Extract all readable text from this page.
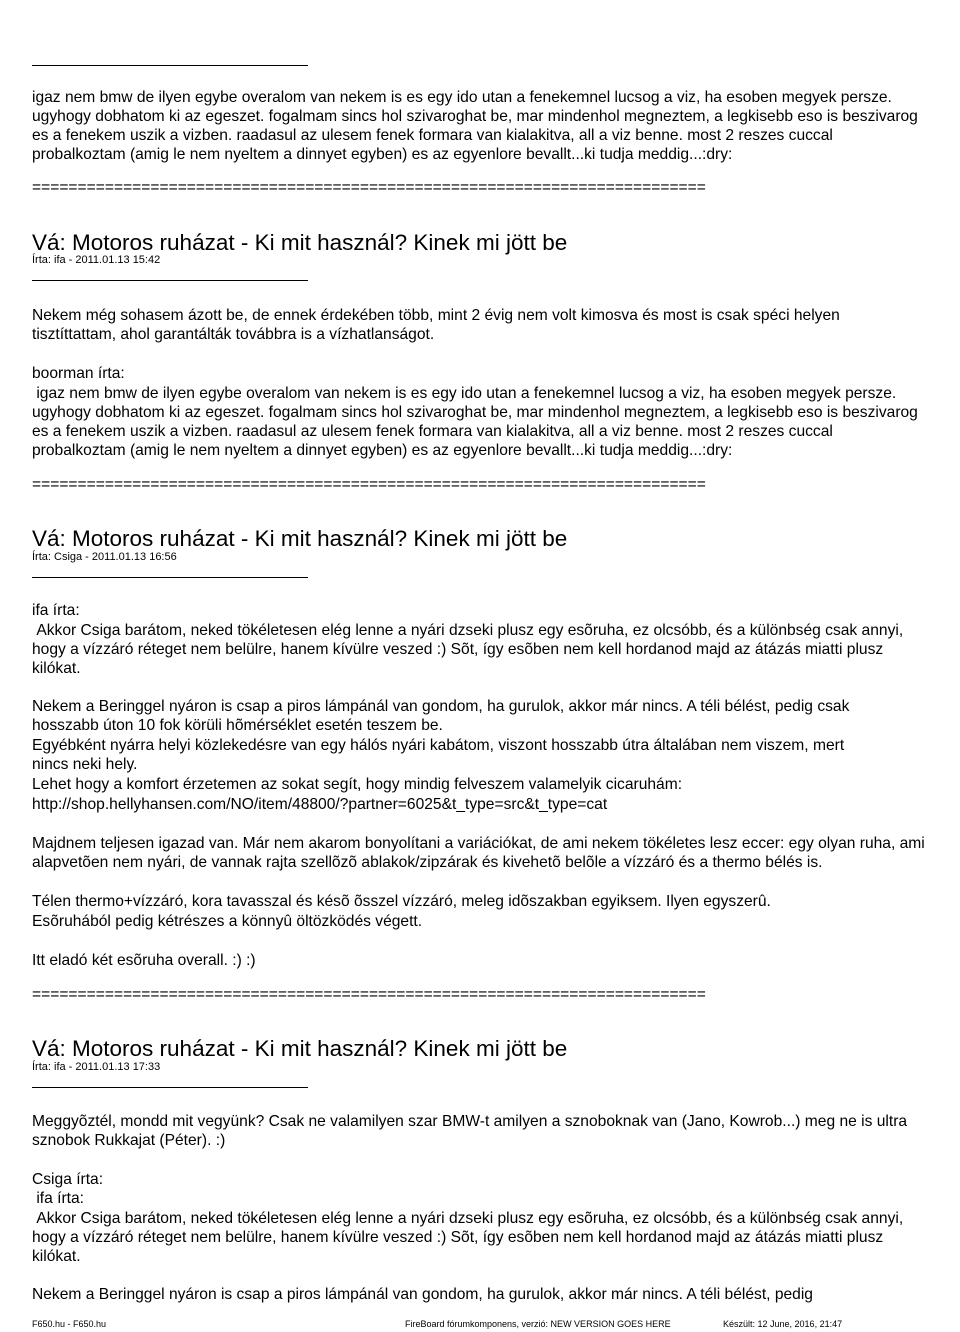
igaz nem bmw de ilyen egybe overalom van nekem is es egy ido utan a fenekemnel lucsog a viz, ha esoben megyek persze. ugyhogy dobhatom ki az egeszet. fogalmam sincs hol szivaroghat be, mar mindenhol megneztem, a legkisebb eso is beszivarog es a fenekem uszik a vizben. raadasul az ulesem fenek formara van kialakitva, all a viz benne. most 2 reszes cuccal probalkoztam (amig le nem nyeltem a dinnyet egyben) es az egyenlore bevallt...ki tudja meddig...:dry:

==========================================================================
Vá: Motoros ruházat - Ki mit használ? Kinek mi jött be

Írta: ifa - 2011.01.13 15:42

Nekem még sohasem ázott be, de ennek érdekében több, mint 2 évig nem volt kimosva és most is csak spéci helyen tisztíttattam, ahol garantálták továbbra is a vízhatlanságot.

boorman írta:

igaz nem bmw de ilyen egybe overalom van nekem is es egy ido utan a fenekemnel lucsog a viz, ha esoben megyek persze. ugyhogy dobhatom ki az egeszet. fogalmam sincs hol szivaroghat be, mar mindenhol megneztem, a legkisebb eso is beszivarog es a fenekem uszik a vizben. raadasul az ulesem fenek formara van kialakitva, all a viz benne. most 2 reszes cuccal probalkoztam (amig le nem nyeltem a dinnyet egyben) es az egyenlore bevallt...ki tudja meddig...:dry:

==========================================================================
Vá: Motoros ruházat - Ki mit használ? Kinek mi jött be

Írta: Csiga - 2011.01.13 16:56

ifa írta:

Akkor Csiga barátom, neked tökéletesen elég lenne a nyári dzseki plusz egy esõruha, ez olcsóbb, és a különbség csak annyi, hogy a vízzáró réteget nem belülre, hanem kívülre veszed :) Sõt, így esõben nem kell hordanod majd az átázás miatti plusz kilókat.

Nekem a Beringgel nyáron is csap a piros lámpánál van gondom, ha gurulok, akkor már nincs. A téli bélést, pedig csak hosszabb úton 10 fok körüli hõmérséklet esetén teszem be.

Egyébként nyárra helyi közlekedésre van egy hálós nyári kabátom, viszont hosszabb útra általában nem viszem, mert nincs neki hely.

Lehet hogy a komfort érzetemen az sokat segít, hogy mindig felveszem valamelyik cicaruhám:

http://shop.hellyhansen.com/NO/item/48800/?partner=6025&t_type=src&t_type=cat

Majdnem teljesen igazad van. Már nem akarom bonyolítani a variációkat, de ami nekem tökéletes lesz eccer: egy olyan ruha, ami alapvetõen nem nyári, de vannak rajta szellõzõ ablakok/zipzárak és kivehetõ belõle a vízzáró és a thermo bélés is.

Télen thermo+vízzáró, kora tavasszal és késõ õsszel vízzáró, meleg idõszakban egyiksem. Ilyen egyszerû.

Esõruhából pedig kétrészes a könnyû öltözködés végett.

Itt eladó két esõruha overall. :) :)

==========================================================================
Vá: Motoros ruházat - Ki mit használ? Kinek mi jött be

Írta: ifa - 2011.01.13 17:33

Meggyõztél, mondd mit vegyünk? Csak ne valamilyen szar BMW-t amilyen a sznoboknak van (Jano, Kowrob...) meg ne is ultra sznobok Rukkajat (Péter). :)

Csiga írta:

ifa írta:

Akkor Csiga barátom, neked tökéletesen elég lenne a nyári dzseki plusz egy esõruha, ez olcsóbb, és a különbség csak annyi, hogy a vízzáró réteget nem belülre, hanem kívülre veszed :) Sõt, így esõben nem kell hordanod majd az átázás miatti plusz kilókat.

Nekem a Beringgel nyáron is csap a piros lámpánál van gondom, ha gurulok, akkor már nincs. A téli bélést, pedig

F650.hu - F650.hu	FireBoard fórumkomponens, verzió: NEW VERSION GOES HERE	Készült: 12 June, 2016, 21:47
